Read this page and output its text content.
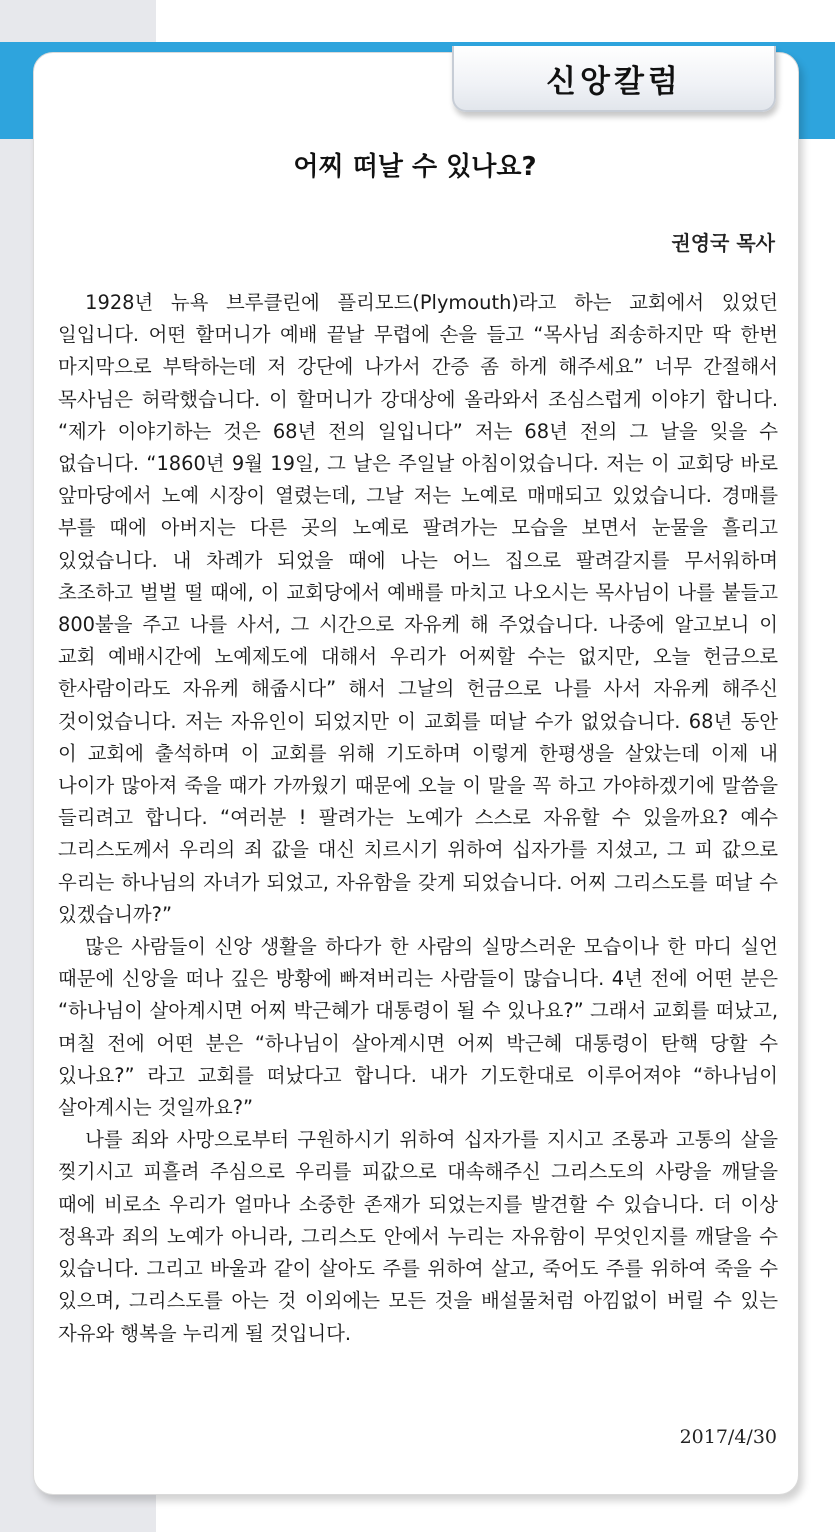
신앙칼럼
어찌 떠날 수 있나요?
권영국 목사

1928년 뉴욕 브루클린에 플리모드(Plymouth)라고 하는 교회에서 있었던 일입니다. 어떤 할머니가 예배 끝날 무렵에 손을 들고 “목사님 죄송하지만 딱 한번 마지막으로 부탁하는데 저 강단에 나가서 간증 좀 하게 해주세요” 너무 간절해서 목사님은 허락했습니다. 이 할머니가 강대상에 올라와서 조심스럽게 이야기 합니다. “제가 이야기하는 것은 68년 전의 일입니다” 저는 68년 전의 그 날을 잊을 수 없습니다. “1860년 9월 19일, 그 날은 주일날 아침이었습니다. 저는 이 교회당 바로 앞마당에서 노예 시장이 열렸는데, 그날 저는 노예로 매매되고 있었습니다. 경매를 부를 때에 아버지는 다른 곳의 노예로 팔려가는 모습을 보면서 눈물을 흘리고 있었습니다. 내 차례가 되었을 때에 나는 어느 집으로 팔려갈지를 무서워하며 초조하고 벌벌 떨 때에, 이 교회당에서 예배를 마치고 나오시는 목사님이 나를 붙들고 800불을 주고 나를 사서, 그 시간으로 자유케 해 주었습니다. 나중에 알고보니 이 교회 예배시간에 노예제도에 대해서 우리가 어찌할 수는 없지만, 오늘 헌금으로 한사람이라도 자유케 해줍시다” 해서 그날의 헌금으로 나를 사서 자유케 해주신 것이었습니다. 저는 자유인이 되었지만 이 교회를 떠날 수가 없었습니다. 68년 동안 이 교회에 출석하며 이 교회를 위해 기도하며 이렇게 한평생을 살았는데 이제 내 나이가 많아져 죽을 때가 가까웠기 때문에 오늘 이 말을 꼭 하고 가야하겠기에 말씀을 들리려고 합니다. “여러분 ! 팔려가는 노예가 스스로 자유할 수 있을까요? 예수 그리스도께서 우리의 죄 값을 대신 치르시기 위하여 십자가를 지셨고, 그 피 값으로 우리는 하나님의 자녀가 되었고, 자유함을 갖게 되었습니다. 어찌 그리스도를 떠날 수 있겠습니까?”

많은 사람들이 신앙 생활을 하다가 한 사람의 실망스러운 모습이나 한 마디 실언 때문에 신앙을 떠나 깊은 방황에 빠져버리는 사람들이 많습니다. 4년 전에 어떤 분은 “하나님이 살아계시면 어찌 박근혜가 대통령이 될 수 있나요?” 그래서 교회를 떠났고, 며칠 전에 어떤 분은 “하나님이 살아계시면 어찌 박근혜 대통령이 탄핵 당할 수 있나요?” 라고 교회를 떠났다고 합니다. 내가 기도한대로 이루어져야 “하나님이 살아계시는 것일까요?”

나를 죄와 사망으로부터 구원하시기 위하여 십자가를 지시고 조롱과 고통의 살을 찢기시고 피흘려 주심으로 우리를 피값으로 대속해주신 그리스도의 사랑을 깨달을 때에 비로소 우리가 얼마나 소중한 존재가 되었는지를 발견할 수 있습니다. 더 이상 정욕과 죄의 노예가 아니라, 그리스도 안에서 누리는 자유함이 무엇인지를 깨달을 수 있습니다. 그리고 바울과 같이 살아도 주를 위하여 살고, 죽어도 주를 위하여 죽을 수 있으며, 그리스도를 아는 것 이외에는 모든 것을 배설물처럼 아낌없이 버릴 수 있는 자유와 행복을 누리게 될 것입니다.

2017/4/30
